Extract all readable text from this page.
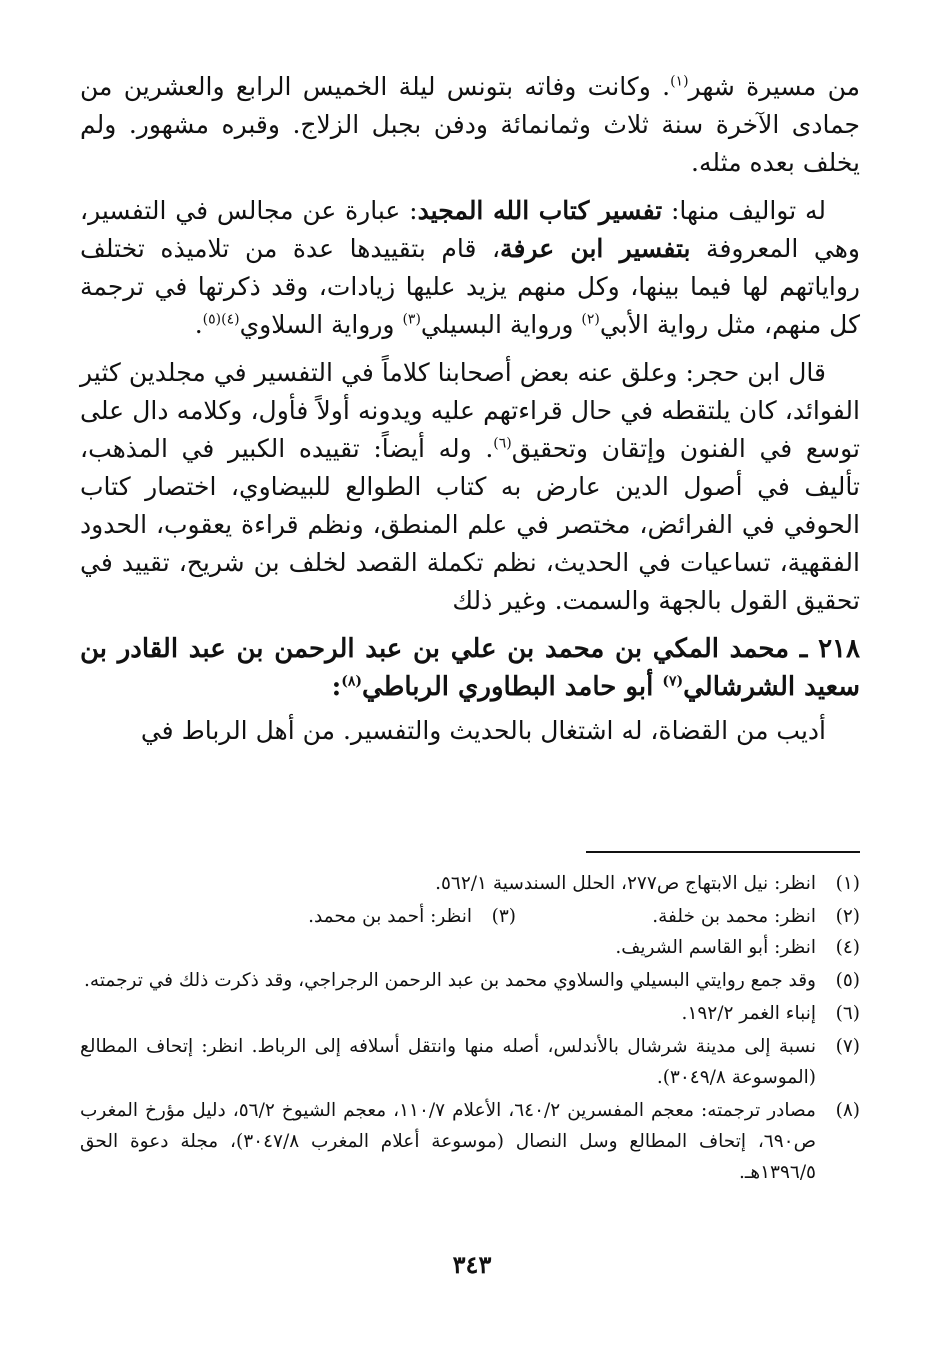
من مسيرة شهر$^{(١)}$. وكانت وفاته بتونس ليلة الخميس الرابع والعشرين من جمادى الآخرة سنة ثلاث وثمانمائة ودفن بجبل الزلاج. وقبره مشهور. ولم يخلف بعده مثله.

له تواليف منها: تفسير كتاب الله المجيد: عبارة عن مجالس في التفسير، وهي المعروفة بتفسير ابن عرفة، قام بتقييدها عدة من تلاميذه تختلف رواياتهم لها فيما بينها، وكل منهم يزيد عليها زيادات، وقد ذكرتها في ترجمة كل منهم، مثل رواية الأبي$^{(٢)}$ ورواية البسيلي$^{(٣)}$ ورواية السلاوي$^{(٤)(٥)}$.

قال ابن حجر: وعلق عنه بعض أصحابنا كلاماً في التفسير في مجلدين كثير الفوائد، كان يلتقطه في حال قراءتهم عليه ويدونه أولاً فأول، وكلامه دال على توسع في الفنون وإتقان وتحقيق$^{(٦)}$. وله أيضاً: تقييده الكبير في المذهب، تأليف في أصول الدين عارض به كتاب الطوالع للبيضاوي، اختصار كتاب الحوفي في الفرائض، مختصر في علم المنطق، ونظم قراءة يعقوب، الحدود الفقهية، تساعيات في الحديث، نظم تكملة القصد لخلف بن شريح، تقييد في تحقيق القول بالجهة والسمت. وغير ذلك

٢١٨ ـ محمد المكي بن محمد بن علي بن عبد الرحمن بن عبد القادر بن سعيد الشرشالي$^{(٧)}$ أبو حامد البطاوري الرباطي$^{(٨)}$:

أديب من القضاة، له اشتغال بالحديث والتفسير. من أهل الرباط في

(١)
انظر: نيل الابتهاج ص٢٧٧، الحلل السندسية ٥٦٢/١.
(٢)
انظر: محمد بن خلفة.
(٣)
انظر: أحمد بن محمد.
(٤)
انظر: أبو القاسم الشريف.
(٥)
وقد جمع روايتي البسيلي والسلاوي محمد بن عبد الرحمن الرجراجي، وقد ذكرت ذلك في ترجمته.
(٦)
إنباء الغمر ١٩٢/٢.
(٧)
نسبة إلى مدينة شرشال بالأندلس، أصله منها وانتقل أسلافه إلى الرباط. انظر: إتحاف المطالع (الموسوعة ٣٠٤٩/٨).
(٨)
مصادر ترجمته: معجم المفسرين ٦٤٠/٢، الأعلام ١١٠/٧، معجم الشيوخ ٥٦/٢، دليل مؤرخ المغرب ص٦٩٠، إتحاف المطالع وسل النصال (موسوعة أعلام المغرب ٣٠٤٧/٨)، مجلة دعوة الحق ١٣٩٦/٥هـ.
٣٤٣
